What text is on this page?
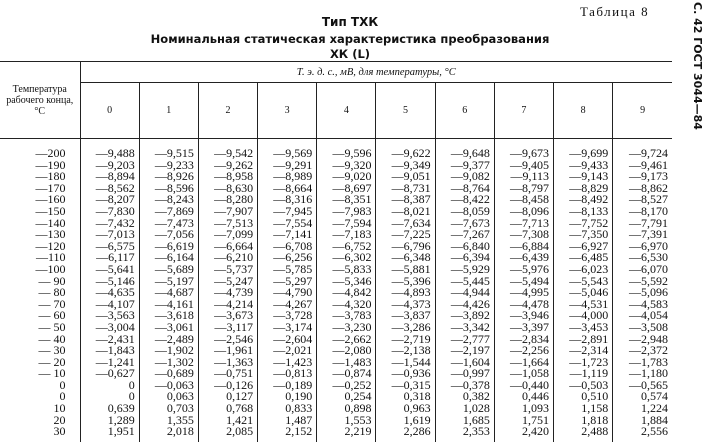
С. 42 ГОСТ 3044—84
Таблица 8
Тип ТХК
Номинальная статическая характеристика преобразования
ХК (L)
Температура рабочего конца, °С	Т. э. д. с., мВ, для температуры, °С									
	0	1	2	3	4	5	6	7	8	9
—200	—9,488	—9,515	—9,542	—9,569	—9,596	—9,622	—9,648	—9,673	—9,699	—9,724
—190	—9,203	—9,233	—9,262	—9,291	—9,320	—9,349	—9,377	—9,405	—9,433	—9,461
—180	—8,894	—8,926	—8,958	—8,989	—9,020	—9,051	—9,082	—9,113	—9,143	—9,173
—170	—8,562	—8,596	—8,630	—8,664	—8,697	—8,731	—8,764	—8,797	—8,829	—8,862
—160	—8,207	—8,243	—8,280	—8,316	—8,351	—8,387	—8,422	—8,458	—8,492	—8,527
—150	—7,830	—7,869	—7,907	—7,945	—7,983	—8,021	—8,059	—8,096	—8,133	—8,170
—140	—7,432	—7,473	—7,513	—7,554	—7,594	—7,634	—7,673	—7,713	—7,752	—7,791
—130	—7,013	—7,056	—7,099	—7,141	—7,183	—7,225	—7,267	—7,308	—7,350	—7,391
—120	—6,575	—6,619	—6,664	—6,708	—6,752	—6,796	—6,840	—6,884	—6,927	—6,970
—110	—6,117	—6,164	—6,210	—6,256	—6,302	—6,348	—6,394	—6,439	—6,485	—6,530
—100	—5,641	—5,689	—5,737	—5,785	—5,833	—5,881	—5,929	—5,976	—6,023	—6,070
— 90	—5,146	—5,197	—5,247	—5,297	—5,346	—5,396	—5,445	—5,494	—5,543	—5,592
— 80	—4,635	—4,687	—4,739	—4,790	—4,842	—4,893	—4,944	—4,995	—5,046	—5,096
— 70	—4,107	—4,161	—4,214	—4,267	—4,320	—4,373	—4,426	—4,478	—4,531	—4,583
— 60	—3,563	—3,618	—3,673	—3,728	—3,783	—3,837	—3,892	—3,946	—4,000	—4,054
— 50	—3,004	—3,061	—3,117	—3,174	—3,230	—3,286	—3,342	—3,397	—3,453	—3,508
— 40	—2,431	—2,489	—2,546	—2,604	—2,662	—2,719	—2,777	—2,834	—2,891	—2,948
— 30	—1,843	—1,902	—1,961	—2,021	—2,080	—2,138	—2,197	—2,256	—2,314	—2,372
— 20	—1,241	—1,302	—1,363	—1,423	—1,483	—1,544	—1,604	—1,664	—1,723	—1,783
— 10	—0,627	—0,689	—0,751	—0,813	—0,874	—0,936	—0,997	—1,058	—1,119	—1,180
0	0	—0,063	—0,126	—0,189	—0,252	—0,315	—0,378	—0,440	—0,503	—0,565
0	0	0,063	0,127	0,190	0,254	0,318	0,382	0,446	0,510	0,574
10	0,639	0,703	0,768	0,833	0,898	0,963	1,028	1,093	1,158	1,224
20	1,289	1,355	1,421	1,487	1,553	1,619	1,685	1,751	1,818	1,884
30	1,951	2,018	2,085	2,152	2,219	2,286	2,353	2,420	2,488	2,556
